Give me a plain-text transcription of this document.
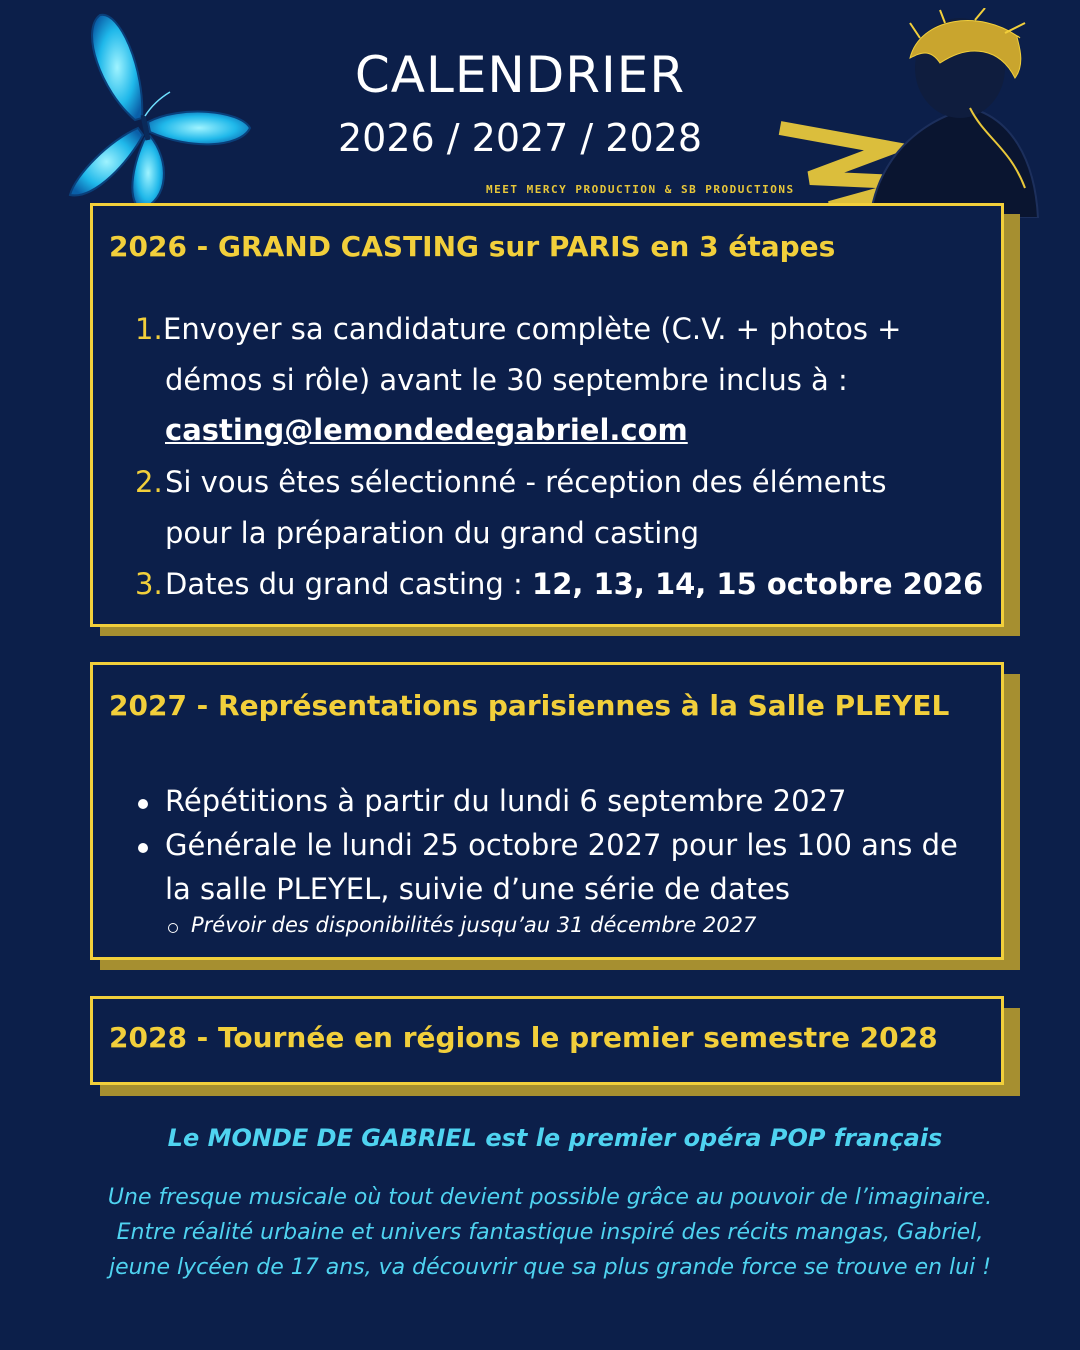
CALENDRIER
2026 / 2027 / 2028
MEET MERCY PRODUCTION & SB PRODUCTIONS
2026 - GRAND CASTING sur PARIS en 3 étapes
1. Envoyer sa candidature complète (C.V. + photos +
démos si rôle) avant le 30 septembre inclus à :
casting@lemondedegabriel.com
2. Si vous êtes sélectionné - réception des éléments
pour la préparation du grand casting
3. Dates du grand casting : 12, 13, 14, 15 octobre 2026
2027 - Représentations parisiennes à la Salle PLEYEL
Répétitions à partir du lundi 6 septembre 2027
Générale le lundi 25 octobre 2027 pour les 100 ans de
la salle PLEYEL, suivie d’une série de dates
Prévoir des disponibilités jusqu’au 31 décembre 2027
2028 - Tournée en régions le premier semestre 2028
Le MONDE DE GABRIEL est le premier opéra POP français
Une fresque musicale où tout devient possible grâce au pouvoir de l’imaginaire.
Entre réalité urbaine et univers fantastique inspiré des récits mangas, Gabriel,
jeune lycéen de 17 ans, va découvrir que sa plus grande force se trouve en lui !
